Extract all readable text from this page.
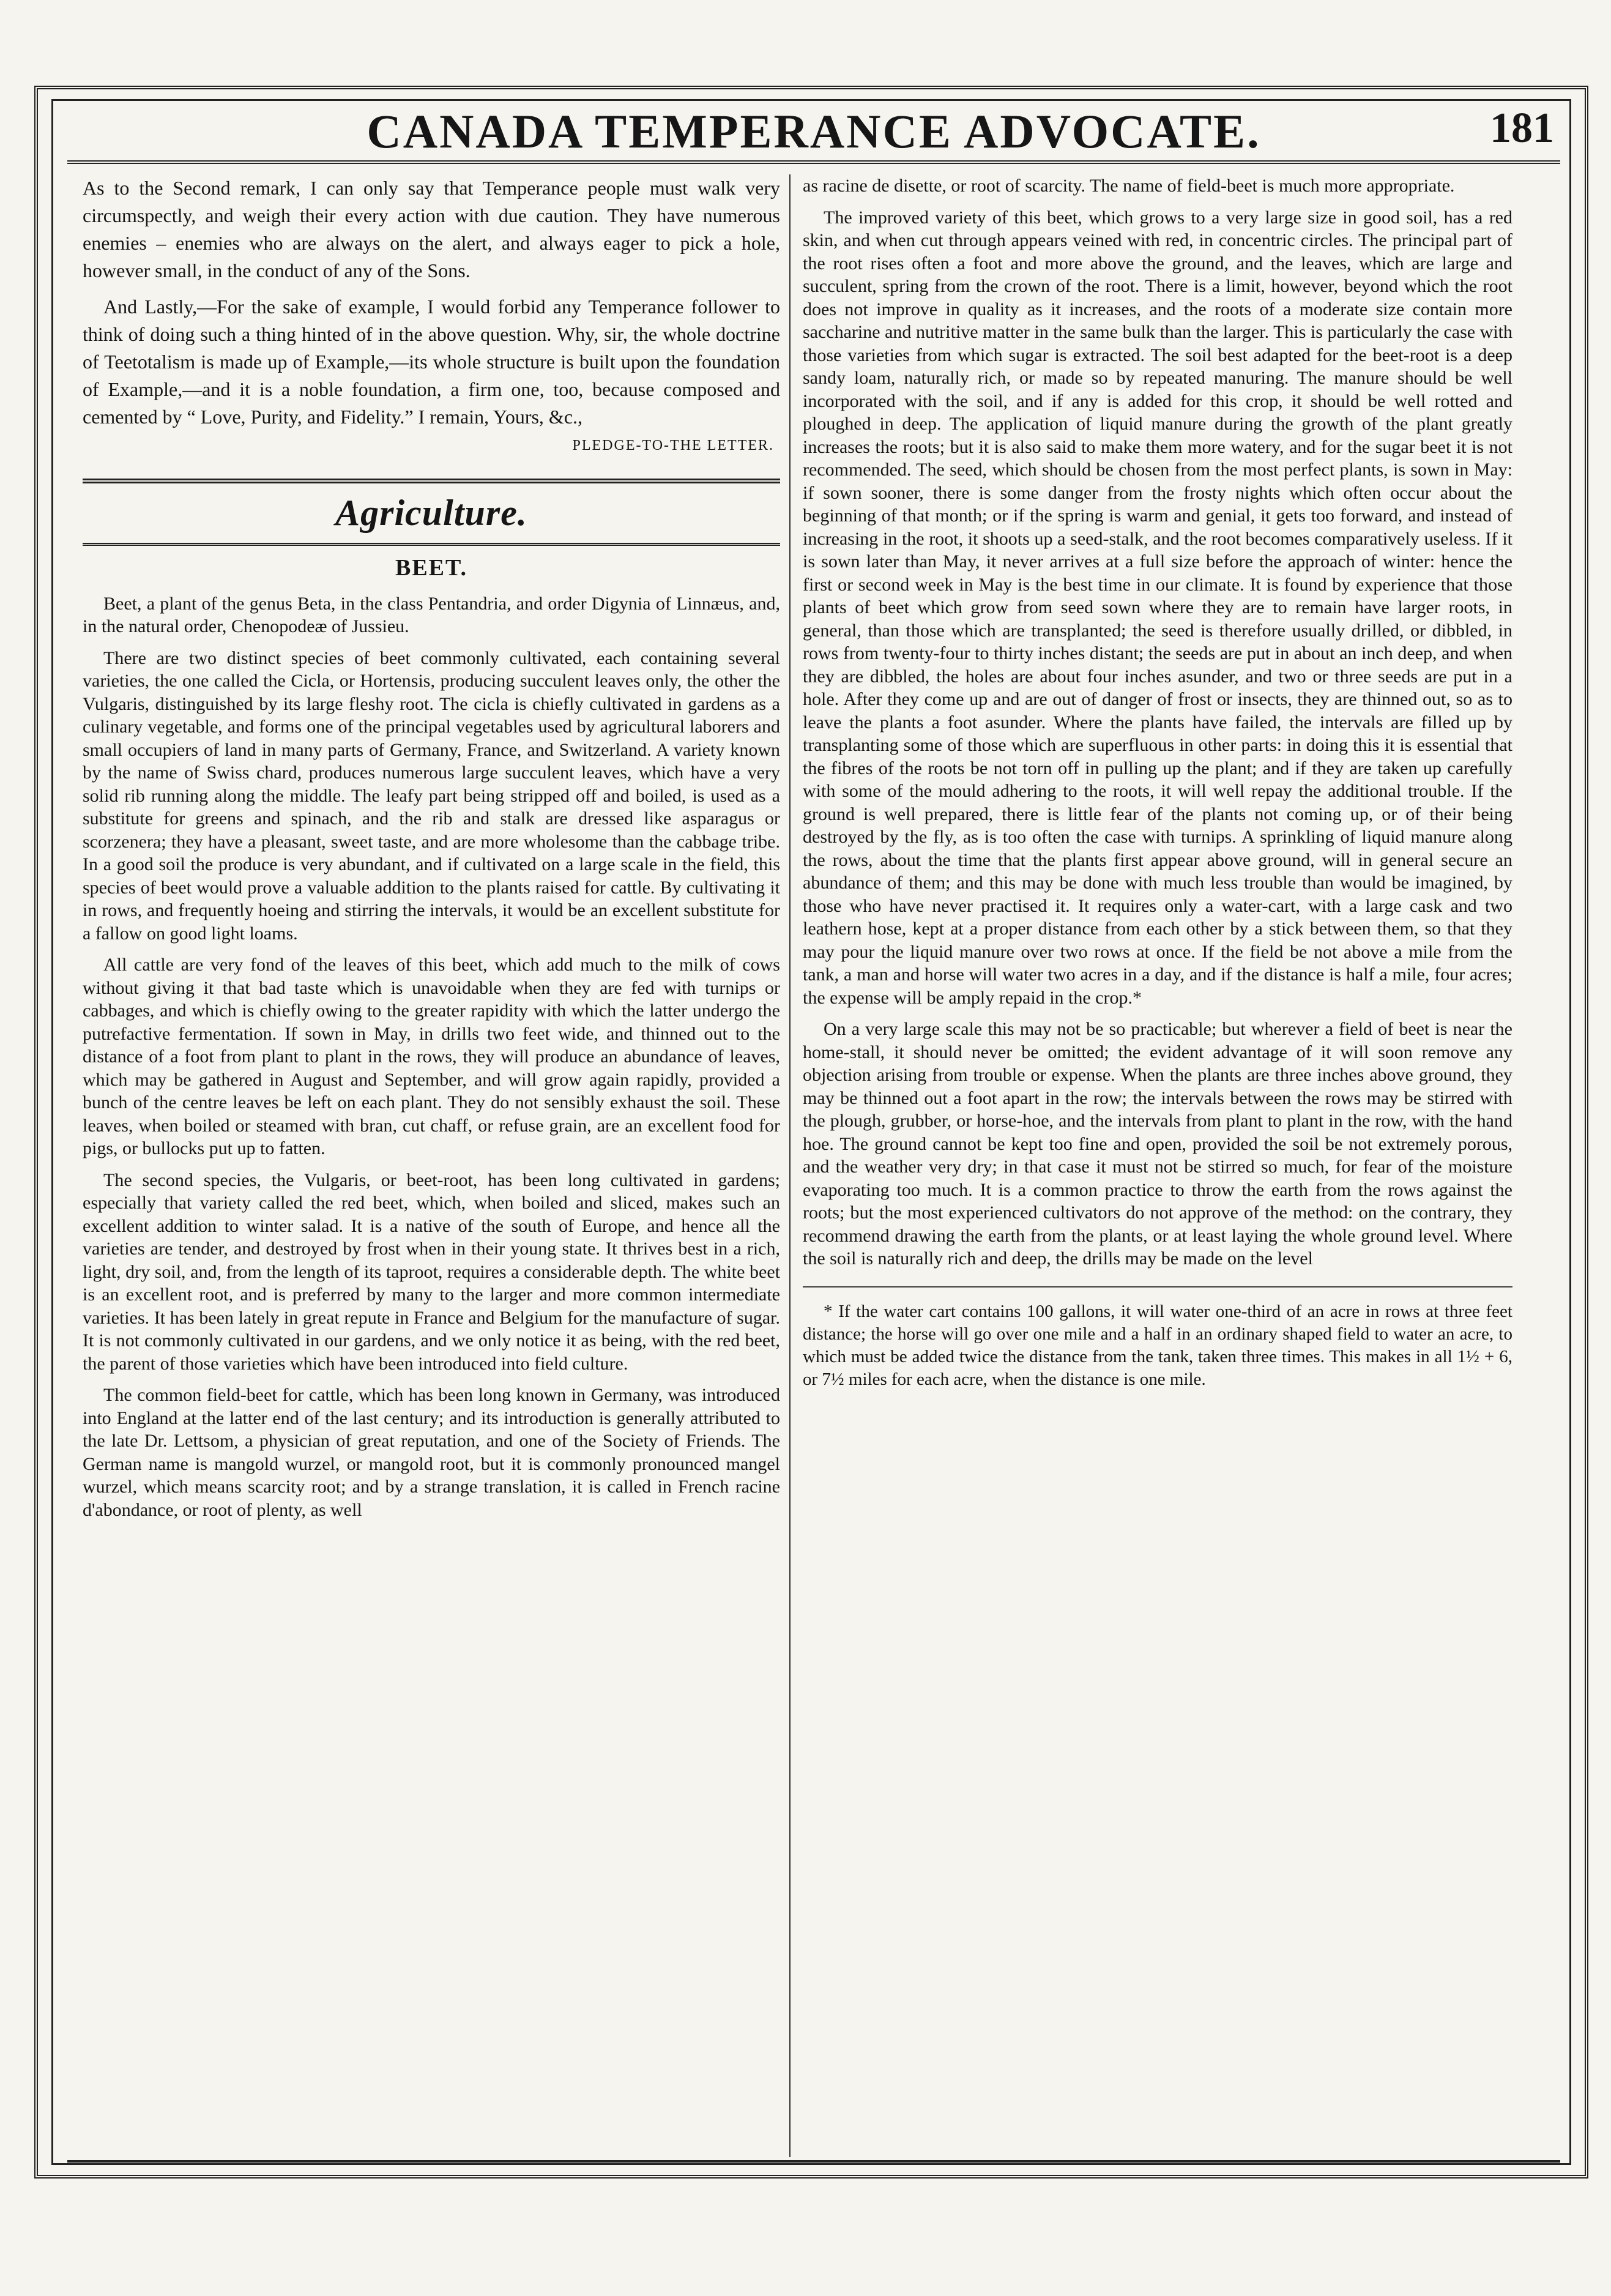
CANADA TEMPERANCE ADVOCATE.	181

As to the Second remark, I can only say that Temperance people must walk very circumspectly, and weigh their every action with due caution. They have numerous enemies – enemies who are always on the alert, and always eager to pick a hole, however small, in the conduct of any of the Sons.

And Lastly,—For the sake of example, I would forbid any Temperance follower to think of doing such a thing hinted of in the above question. Why, sir, the whole doctrine of Teetotalism is made up of Example,—its whole structure is built upon the foundation of Example,—and it is a noble foundation, a firm one, too, because composed and cemented by “ Love, Purity, and Fidelity.” I remain, Yours, &c.,

PLEDGE-TO-THE LETTER.
Agriculture.
BEET.

Beet, a plant of the genus Beta, in the class Pentandria, and order Digynia of Linnæus, and, in the natural order, Chenopodeæ of Jussieu.

There are two distinct species of beet commonly cultivated, each containing several varieties, the one called the Cicla, or Hortensis, producing succulent leaves only, the other the Vulgaris, distinguished by its large fleshy root. The cicla is chiefly cultivated in gardens as a culinary vegetable, and forms one of the principal vegetables used by agricultural laborers and small occupiers of land in many parts of Germany, France, and Switzerland. A variety known by the name of Swiss chard, produces numerous large succulent leaves, which have a very solid rib running along the middle. The leafy part being stripped off and boiled, is used as a substitute for greens and spinach, and the rib and stalk are dressed like asparagus or scorzenera; they have a pleasant, sweet taste, and are more wholesome than the cabbage tribe. In a good soil the produce is very abundant, and if cultivated on a large scale in the field, this species of beet would prove a valuable addition to the plants raised for cattle. By cultivating it in rows, and frequently hoeing and stirring the intervals, it would be an excellent substitute for a fallow on good light loams.

All cattle are very fond of the leaves of this beet, which add much to the milk of cows without giving it that bad taste which is unavoidable when they are fed with turnips or cabbages, and which is chiefly owing to the greater rapidity with which the latter undergo the putrefactive fermentation. If sown in May, in drills two feet wide, and thinned out to the distance of a foot from plant to plant in the rows, they will produce an abundance of leaves, which may be gathered in August and September, and will grow again rapidly, provided a bunch of the centre leaves be left on each plant. They do not sensibly exhaust the soil. These leaves, when boiled or steamed with bran, cut chaff, or refuse grain, are an excellent food for pigs, or bullocks put up to fatten.

The second species, the Vulgaris, or beet-root, has been long cultivated in gardens; especially that variety called the red beet, which, when boiled and sliced, makes such an excellent addition to winter salad. It is a native of the south of Europe, and hence all the varieties are tender, and destroyed by frost when in their young state. It thrives best in a rich, light, dry soil, and, from the length of its taproot, requires a considerable depth. The white beet is an excellent root, and is preferred by many to the larger and more common intermediate varieties. It has been lately in great repute in France and Belgium for the manufacture of sugar. It is not commonly cultivated in our gardens, and we only notice it as being, with the red beet, the parent of those varieties which have been introduced into field culture.

The common field-beet for cattle, which has been long known in Germany, was introduced into England at the latter end of the last century; and its introduction is generally attributed to the late Dr. Lettsom, a physician of great reputation, and one of the Society of Friends. The German name is mangold wurzel, or mangold root, but it is commonly pronounced mangel wurzel, which means scarcity root; and by a strange translation, it is called in French racine d'abondance, or root of plenty, as well

as racine de disette, or root of scarcity. The name of field-beet is much more appropriate.

The improved variety of this beet, which grows to a very large size in good soil, has a red skin, and when cut through appears veined with red, in concentric circles. The principal part of the root rises often a foot and more above the ground, and the leaves, which are large and succulent, spring from the crown of the root. There is a limit, however, beyond which the root does not improve in quality as it increases, and the roots of a moderate size contain more saccharine and nutritive matter in the same bulk than the larger. This is particularly the case with those varieties from which sugar is extracted. The soil best adapted for the beet-root is a deep sandy loam, naturally rich, or made so by repeated manuring. The manure should be well incorporated with the soil, and if any is added for this crop, it should be well rotted and ploughed in deep. The application of liquid manure during the growth of the plant greatly increases the roots; but it is also said to make them more watery, and for the sugar beet it is not recommended. The seed, which should be chosen from the most perfect plants, is sown in May: if sown sooner, there is some danger from the frosty nights which often occur about the beginning of that month; or if the spring is warm and genial, it gets too forward, and instead of increasing in the root, it shoots up a seed-stalk, and the root becomes comparatively useless. If it is sown later than May, it never arrives at a full size before the approach of winter: hence the first or second week in May is the best time in our climate. It is found by experience that those plants of beet which grow from seed sown where they are to remain have larger roots, in general, than those which are transplanted; the seed is therefore usually drilled, or dibbled, in rows from twenty-four to thirty inches distant; the seeds are put in about an inch deep, and when they are dibbled, the holes are about four inches asunder, and two or three seeds are put in a hole. After they come up and are out of danger of frost or insects, they are thinned out, so as to leave the plants a foot asunder. Where the plants have failed, the intervals are filled up by transplanting some of those which are superfluous in other parts: in doing this it is essential that the fibres of the roots be not torn off in pulling up the plant; and if they are taken up carefully with some of the mould adhering to the roots, it will well repay the additional trouble. If the ground is well prepared, there is little fear of the plants not coming up, or of their being destroyed by the fly, as is too often the case with turnips. A sprinkling of liquid manure along the rows, about the time that the plants first appear above ground, will in general secure an abundance of them; and this may be done with much less trouble than would be imagined, by those who have never practised it. It requires only a water-cart, with a large cask and two leathern hose, kept at a proper distance from each other by a stick between them, so that they may pour the liquid manure over two rows at once. If the field be not above a mile from the tank, a man and horse will water two acres in a day, and if the distance is half a mile, four acres; the expense will be amply repaid in the crop.*

On a very large scale this may not be so practicable; but wherever a field of beet is near the home-stall, it should never be omitted; the evident advantage of it will soon remove any objection arising from trouble or expense. When the plants are three inches above ground, they may be thinned out a foot apart in the row; the intervals between the rows may be stirred with the plough, grubber, or horse-hoe, and the intervals from plant to plant in the row, with the hand hoe. The ground cannot be kept too fine and open, provided the soil be not extremely porous, and the weather very dry; in that case it must not be stirred so much, for fear of the moisture evaporating too much. It is a common practice to throw the earth from the rows against the roots; but the most experienced cultivators do not approve of the method: on the contrary, they recommend drawing the earth from the plants, or at least laying the whole ground level. Where the soil is naturally rich and deep, the drills may be made on the level

* If the water cart contains 100 gallons, it will water one-third of an acre in rows at three feet distance; the horse will go over one mile and a half in an ordinary shaped field to water an acre, to which must be added twice the distance from the tank, taken three times. This makes in all 1½ + 6, or 7½ miles for each acre, when the distance is one mile.
